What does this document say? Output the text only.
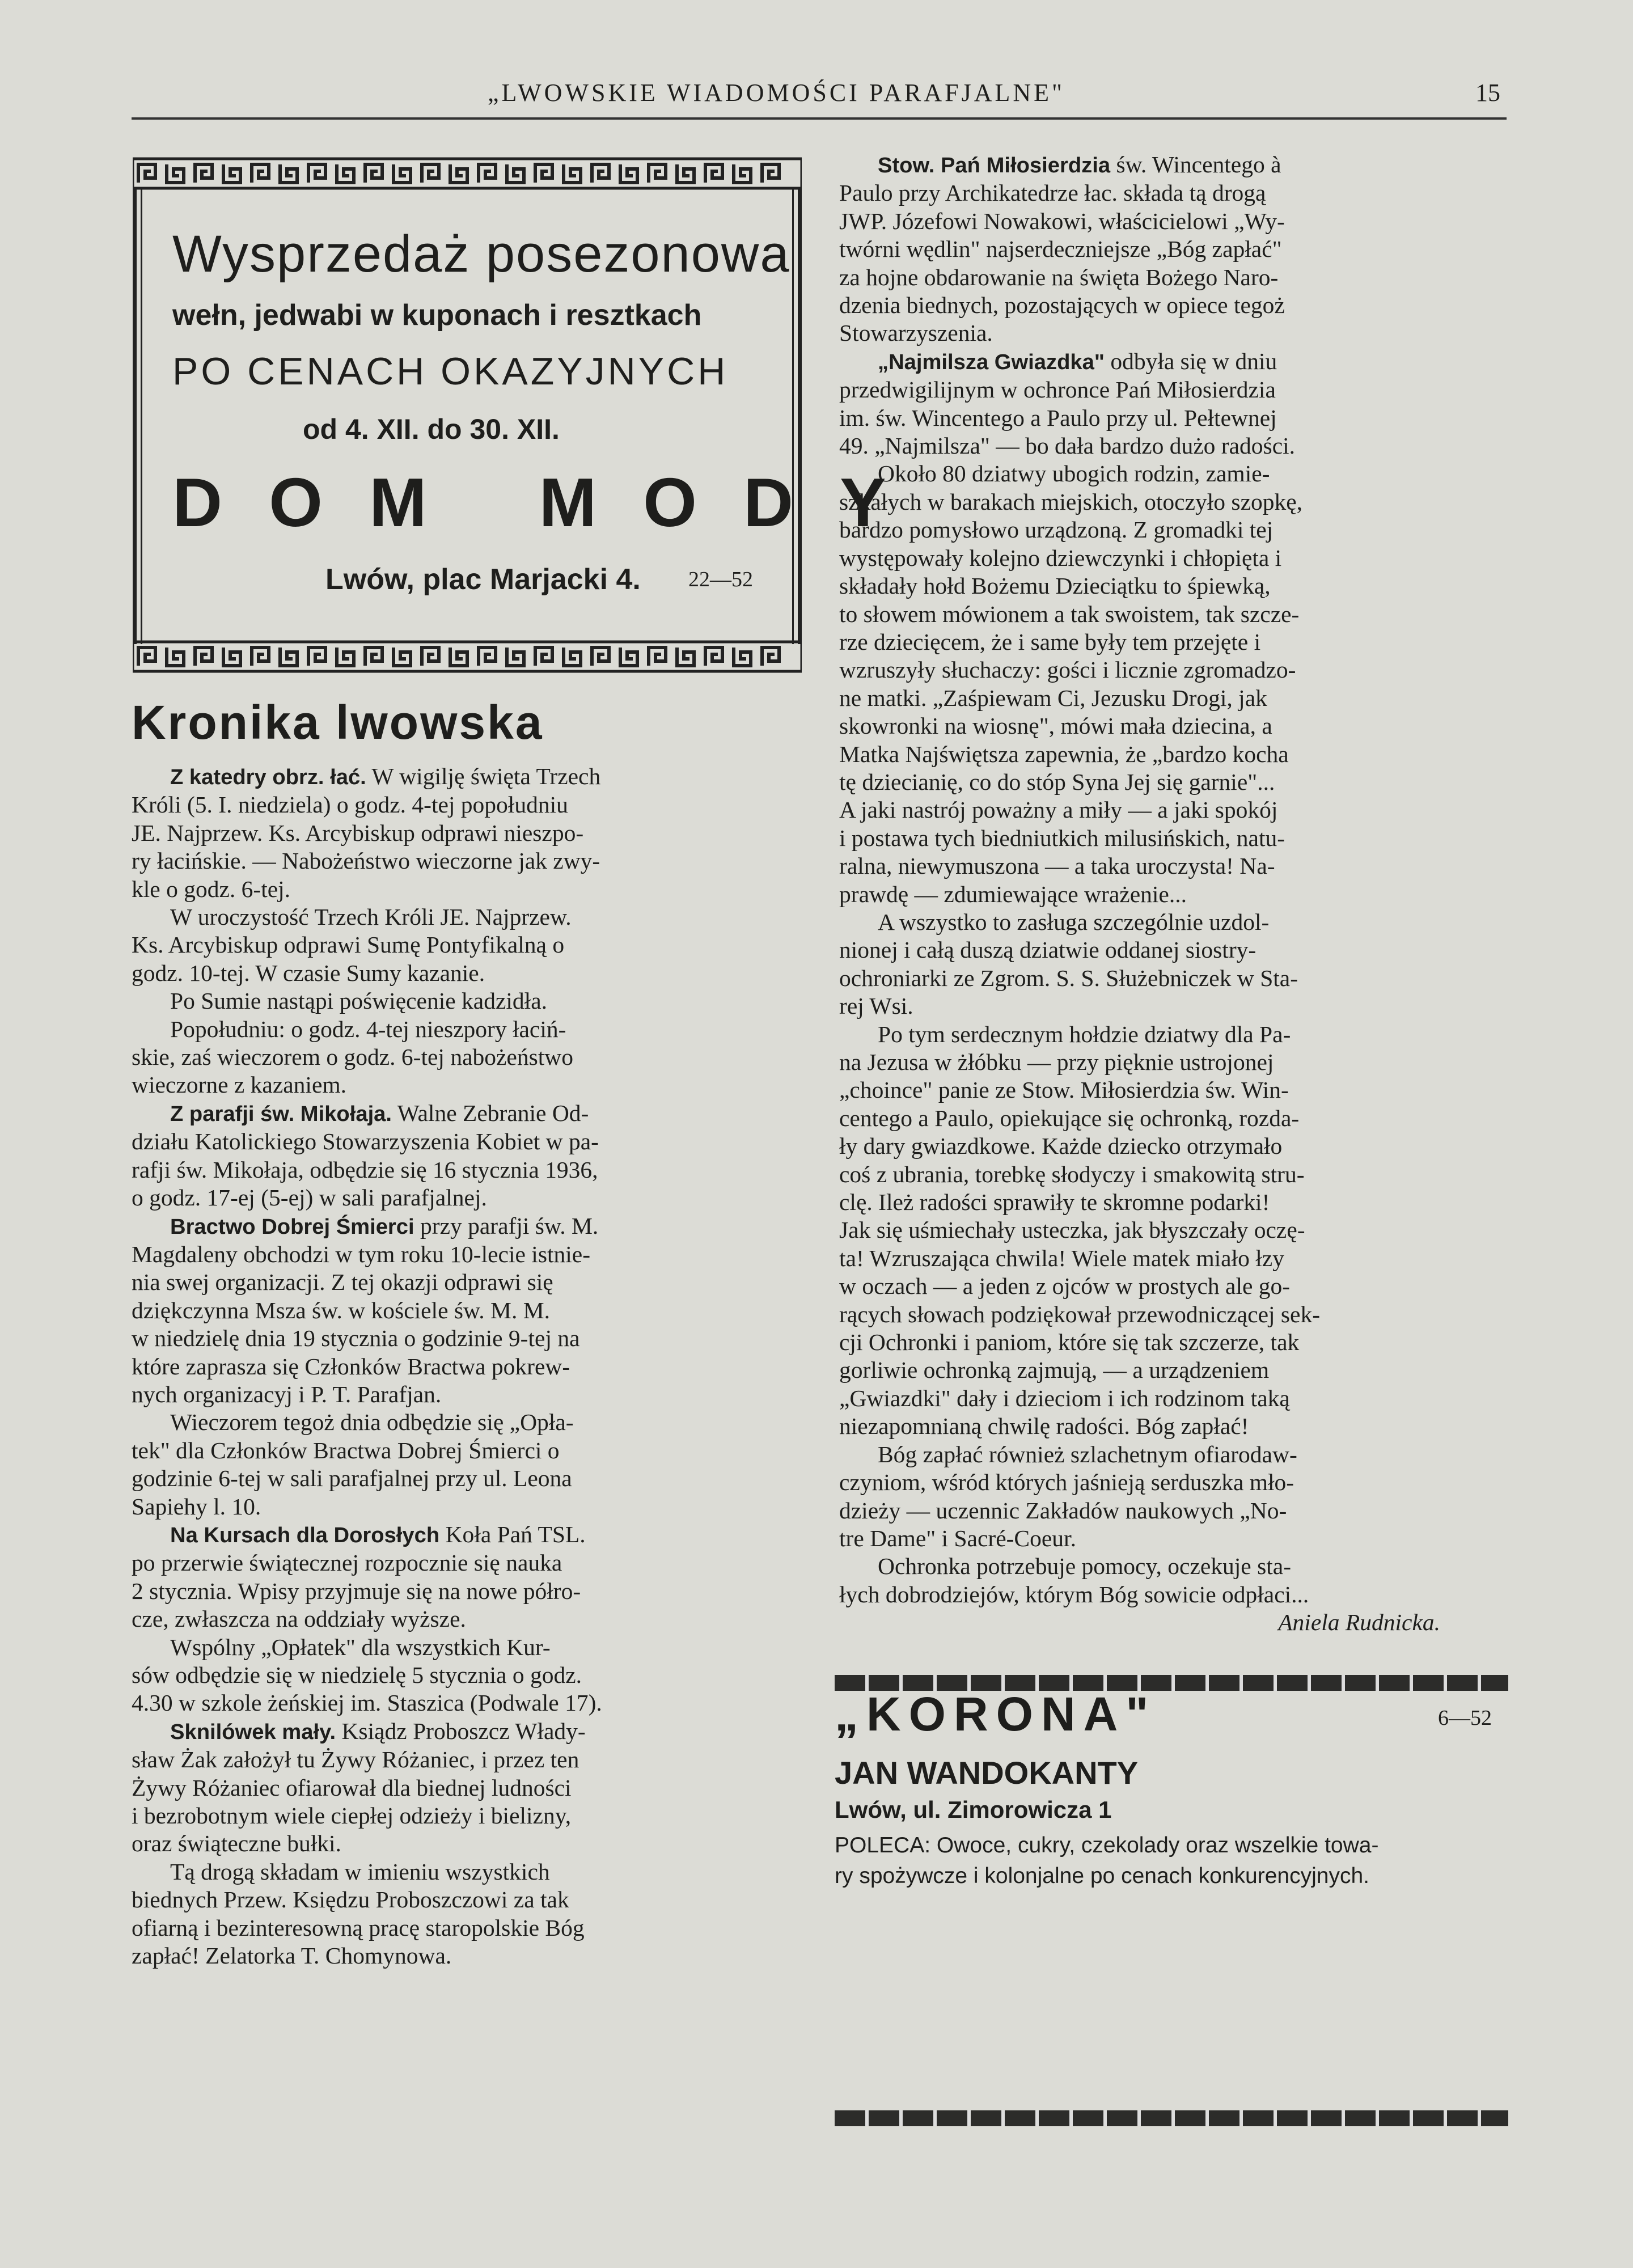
„LWOWSKIE WIADOMOŚCI PARAFJALNE"	15
Wysprzedaż posezonowa
wełn, jedwabi w kuponach i resztkach
PO CENACH OKAZYJNYCH
od 4. XII. do 30. XII.
DOM MODY
Lwów, plac Marjacki 4. 22—52
Kronika lwowska

Z katedry obrz. łać. W wigilję święta Trzech

Króli (5. I. niedziela) o godz. 4-tej popołudniu

JE. Najprzew. Ks. Arcybiskup odprawi nieszpo-

ry łacińskie. — Nabożeństwo wieczorne jak zwy-

kle o godz. 6-tej.

W uroczystość Trzech Króli JE. Najprzew.

Ks. Arcybiskup odprawi Sumę Pontyfikalną o

godz. 10-tej. W czasie Sumy kazanie.

Po Sumie nastąpi poświęcenie kadzidła.

Popołudniu: o godz. 4-tej nieszpory łaciń-

skie, zaś wieczorem o godz. 6-tej nabożeństwo

wieczorne z kazaniem.

Z parafji św. Mikołaja. Walne Zebranie Od-

działu Katolickiego Stowarzyszenia Kobiet w pa-

rafji św. Mikołaja, odbędzie się 16 stycznia 1936,

o godz. 17-ej (5-ej) w sali parafjalnej.

Bractwo Dobrej Śmierci przy parafji św. M.

Magdaleny obchodzi w tym roku 10-lecie istnie-

nia swej organizacji. Z tej okazji odprawi się

dziękczynna Msza św. w kościele św. M. M.

w niedzielę dnia 19 stycznia o godzinie 9-tej na

które zaprasza się Członków Bractwa pokrew-

nych organizacyj i P. T. Parafjan.

Wieczorem tegoż dnia odbędzie się „Opła-

tek" dla Członków Bractwa Dobrej Śmierci o

godzinie 6-tej w sali parafjalnej przy ul. Leona

Sapiehy l. 10.

Na Kursach dla Dorosłych Koła Pań TSL.

po przerwie świątecznej rozpocznie się nauka

2 stycznia. Wpisy przyjmuje się na nowe półro-

cze, zwłaszcza na oddziały wyższe.

Wspólny „Opłatek" dla wszystkich Kur-

sów odbędzie się w niedzielę 5 stycznia o godz.

4.30 w szkole żeńskiej im. Staszica (Podwale 17).

Sknilówek mały. Ksiądz Proboszcz Włady-

sław Żak założył tu Żywy Różaniec, i przez ten

Żywy Różaniec ofiarował dla biednej ludności

i bezrobotnym wiele ciepłej odzieży i bielizny,

oraz świąteczne bułki.

Tą drogą składam w imieniu wszystkich

biednych Przew. Księdzu Proboszczowi za tak

ofiarną i bezinteresowną pracę staropolskie Bóg

zapłać! Zelatorka T. Chomynowa.

Stow. Pań Miłosierdzia św. Wincentego à

Paulo przy Archikatedrze łac. składa tą drogą

JWP. Józefowi Nowakowi, właścicielowi „Wy-

twórni wędlin" najserdeczniejsze „Bóg zapłać"

za hojne obdarowanie na święta Bożego Naro-

dzenia biednych, pozostających w opiece tegoż

Stowarzyszenia.

„Najmilsza Gwiazdka" odbyła się w dniu

przedwigilijnym w ochronce Pań Miłosierdzia

im. św. Wincentego a Paulo przy ul. Pełtewnej

49. „Najmilsza" — bo dała bardzo dużo radości.

Około 80 dziatwy ubogich rodzin, zamie-

szkałych w barakach miejskich, otoczyło szopkę,

bardzo pomysłowo urządzoną. Z gromadki tej

występowały kolejno dziewczynki i chłopięta i

składały hołd Bożemu Dzieciątku to śpiewką,

to słowem mówionem a tak swoistem, tak szcze-

rze dziecięcem, że i same były tem przejęte i

wzruszyły słuchaczy: gości i licznie zgromadzo-

ne matki. „Zaśpiewam Ci, Jezusku Drogi, jak

skowronki na wiosnę", mówi mała dziecina, a

Matka Najświętsza zapewnia, że „bardzo kocha

tę dziecianię, co do stóp Syna Jej się garnie"...

A jaki nastrój poważny a miły — a jaki spokój

i postawa tych biedniutkich milusińskich, natu-

ralna, niewymuszona — a taka uroczysta! Na-

prawdę — zdumiewające wrażenie...

A wszystko to zasługa szczególnie uzdol-

nionej i całą duszą dziatwie oddanej siostry-

ochroniarki ze Zgrom. S. S. Służebniczek w Sta-

rej Wsi.

Po tym serdecznym hołdzie dziatwy dla Pa-

na Jezusa w żłóbku — przy pięknie ustrojonej

„choince" panie ze Stow. Miłosierdzia św. Win-

centego a Paulo, opiekujące się ochronką, rozda-

ły dary gwiazdkowe. Każde dziecko otrzymało

coś z ubrania, torebkę słodyczy i smakowitą stru-

clę. Ileż radości sprawiły te skromne podarki!

Jak się uśmiechały usteczka, jak błyszczały oczę-

ta! Wzruszająca chwila! Wiele matek miało łzy

w oczach — a jeden z ojców w prostych ale go-

rących słowach podziękował przewodniczącej sek-

cji Ochronki i paniom, które się tak szczerze, tak

gorliwie ochronką zajmują, — a urządzeniem

„Gwiazdki" dały i dzieciom i ich rodzinom taką

niezapomnianą chwilę radości. Bóg zapłać!

Bóg zapłać również szlachetnym ofiarodaw-

czyniom, wśród których jaśnieją serduszka mło-

dzieży — uczennic Zakładów naukowych „No-

tre Dame" i Sacré-Coeur.

Ochronka potrzebuje pomocy, oczekuje sta-

łych dobrodziejów, którym Bóg sowicie odpłaci...

Aniela Rudnicka.

„KORONA"	6—52
JAN WANDOKANTY
Lwów, ul. Zimorowicza 1
POLECA: Owoce, cukry, czekolady oraz wszelkie towa-
ry spożywcze i kolonjalne po cenach konkurencyjnych.
